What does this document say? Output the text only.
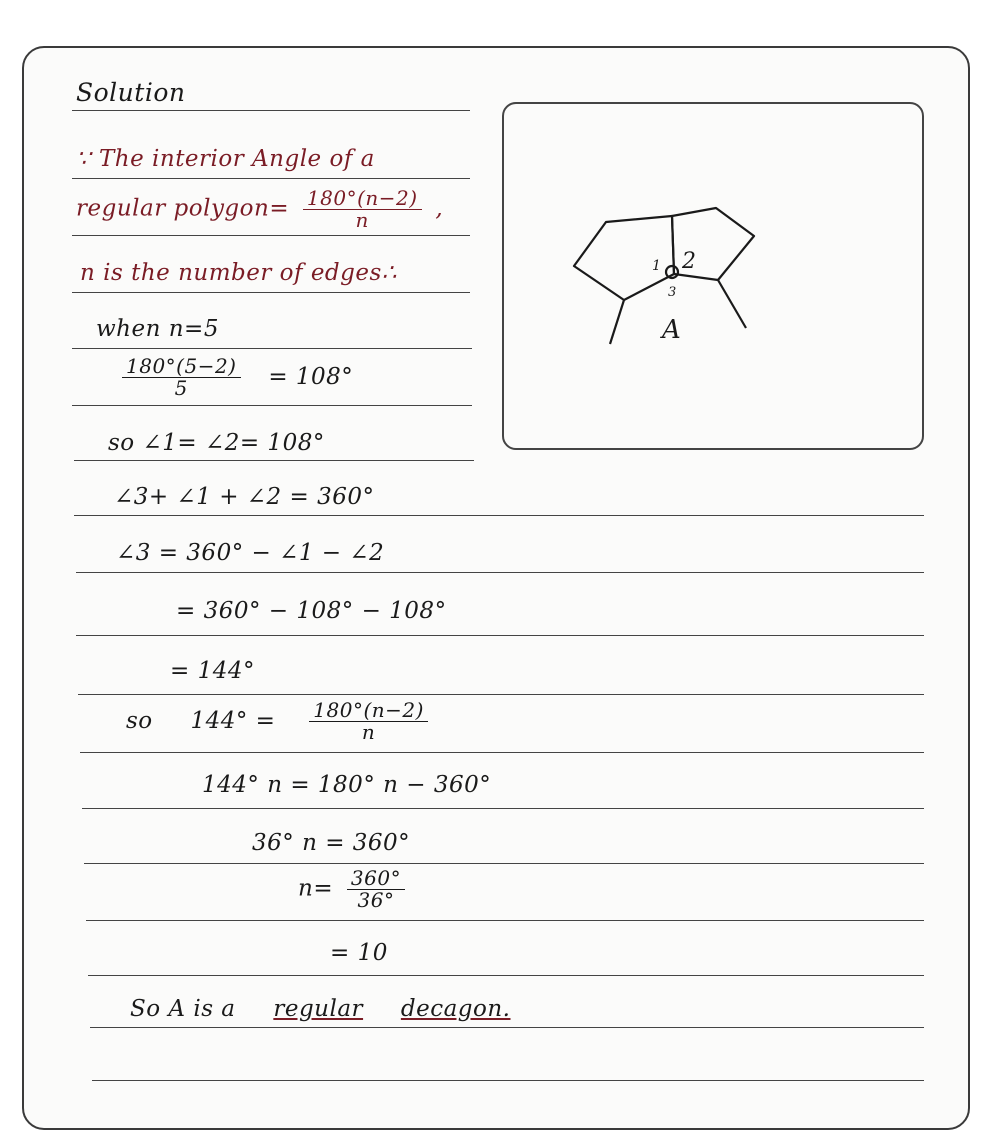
Solution
∵ The interior Angle of a
regular polygon= $\frac{180^\circ(n-2)}{n}$ ,
n is the number of edges∴
when n=5
$\frac{180^\circ(5-2)}{5} = 108^\circ$
so ∠1= ∠2= 108°
∠3+ ∠1 + ∠2 = 360°
∠3 = 360° − ∠1 − ∠2
= 360° − 108° − 108°
= 144°
so $144^\circ = \frac{180^\circ(n-2)}{n}$
144° n = 180° n − 360°
36° n = 360°
$n= \frac{360^\circ}{36^\circ}$
= 10
So A is a regular decagon.
1 2
3
A
